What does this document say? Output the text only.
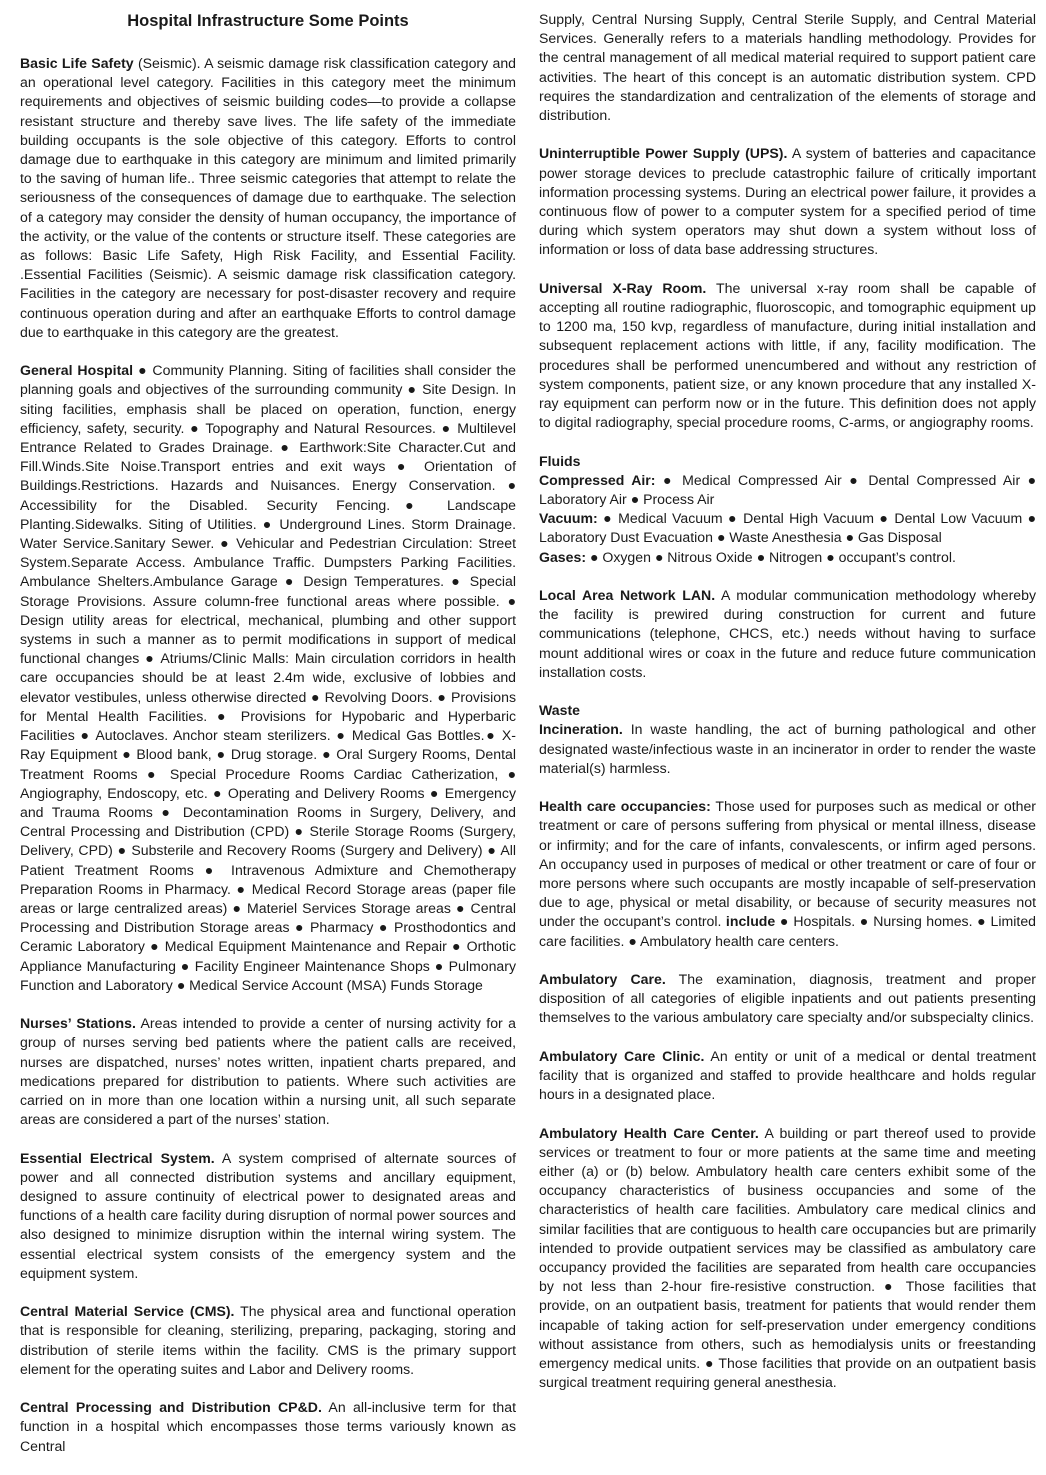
Hospital Infrastructure Some Points

Basic Life Safety (Seismic). A seismic damage risk classification category and an operational level category. Facilities in this category meet the minimum requirements and objectives of seismic building codes—to provide a collapse resistant structure and thereby save lives. The life safety of the immediate building occupants is the sole objective of this category. Efforts to control damage due to earthquake in this category are minimum and limited primarily to the saving of human life.. Three seismic categories that attempt to relate the seriousness of the consequences of damage due to earthquake. The selection of a category may consider the density of human occupancy, the importance of the activity, or the value of the contents or structure itself. These categories are as follows: Basic Life Safety, High Risk Facility, and Essential Facility. .Essential Facilities (Seismic). A seismic damage risk classification category. Facilities in the category are necessary for post-disaster recovery and require continuous operation during and after an earthquake Efforts to control damage due to earthquake in this category are the greatest.

General Hospital ● Community Planning. Siting of facilities shall consider the planning goals and objectives of the surrounding community ● Site Design. In siting facilities, emphasis shall be placed on operation, function, energy efficiency, safety, security. ● Topography and Natural Resources. ● Multilevel Entrance Related to Grades Drainage. ● Earthwork:Site Character.Cut and Fill.Winds.Site Noise.Transport entries and exit ways ● Orientation of Buildings.Restrictions. Hazards and Nuisances. Energy Conservation. ● Accessibility for the Disabled. Security Fencing.● Landscape Planting.Sidewalks. Siting of Utilities. ● Underground Lines. Storm Drainage. Water Service.Sanitary Sewer. ● Vehicular and Pedestrian Circulation: Street System.Separate Access. Ambulance Traffic. Dumpsters Parking Facilities. Ambulance Shelters.Ambulance Garage ● Design Temperatures. ● Special Storage Provisions. Assure column-free functional areas where possible. ● Design utility areas for electrical, mechanical, plumbing and other support systems in such a manner as to permit modifications in support of medical functional changes ● Atriums/Clinic Malls: Main circulation corridors in health care occupancies should be at least 2.4m wide, exclusive of lobbies and elevator vestibules, unless otherwise directed ● Revolving Doors. ● Provisions for Mental Health Facilities. ● Provisions for Hypobaric and Hyperbaric Facilities ● Autoclaves. Anchor steam sterilizers. ● Medical Gas Bottles.● X-Ray Equipment ● Blood bank, ● Drug storage. ● Oral Surgery Rooms, Dental Treatment Rooms ● Special Procedure Rooms Cardiac Catherization, ● Angiography, Endoscopy, etc. ● Operating and Delivery Rooms ● Emergency and Trauma Rooms ● Decontamination Rooms in Surgery, Delivery, and Central Processing and Distribution (CPD) ● Sterile Storage Rooms (Surgery, Delivery, CPD) ● Substerile and Recovery Rooms (Surgery and Delivery) ● All Patient Treatment Rooms ● Intravenous Admixture and Chemotherapy Preparation Rooms in Pharmacy. ● Medical Record Storage areas (paper file areas or large centralized areas) ● Materiel Services Storage areas ● Central Processing and Distribution Storage areas ● Pharmacy ● Prosthodontics and Ceramic Laboratory ● Medical Equipment Maintenance and Repair ● Orthotic Appliance Manufacturing ● Facility Engineer Maintenance Shops ● Pulmonary Function and Laboratory ● Medical Service Account (MSA) Funds Storage

Nurses’ Stations. Areas intended to provide a center of nursing activity for a group of nurses serving bed patients where the patient calls are received, nurses are dispatched, nurses’ notes written, inpatient charts prepared, and medications prepared for distribution to patients. Where such activities are carried on in more than one location within a nursing unit, all such separate areas are considered a part of the nurses’ station.

Essential Electrical System. A system comprised of alternate sources of power and all connected distribution systems and ancillary equipment, designed to assure continuity of electrical power to designated areas and functions of a health care facility during disruption of normal power sources and also designed to minimize disruption within the internal wiring system. The essential electrical system consists of the emergency system and the equipment system.

Central Material Service (CMS). The physical area and functional operation that is responsible for cleaning, sterilizing, preparing, packaging, storing and distribution of sterile items within the facility. CMS is the primary support element for the operating suites and Labor and Delivery rooms.

Central Processing and Distribution CP&D. An all-inclusive term for that function in a hospital which encompasses those terms variously known as Central

Supply, Central Nursing Supply, Central Sterile Supply, and Central Material Services. Generally refers to a materials handling methodology. Provides for the central management of all medical material required to support patient care activities. The heart of this concept is an automatic distribution system. CPD requires the standardization and centralization of the elements of storage and distribution.

Uninterruptible Power Supply (UPS). A system of batteries and capacitance power storage devices to preclude catastrophic failure of critically important information processing systems. During an electrical power failure, it provides a continuous flow of power to a computer system for a specified period of time during which system operators may shut down a system without loss of information or loss of data base addressing structures.

Universal X-Ray Room. The universal x-ray room shall be capable of accepting all routine radiographic, fluoroscopic, and tomographic equipment up to 1200 ma, 150 kvp, regardless of manufacture, during initial installation and subsequent replacement actions with little, if any, facility modification. The procedures shall be performed unencumbered and without any restriction of system components, patient size, or any known procedure that any installed X-ray equipment can perform now or in the future. This definition does not apply to digital radiography, special procedure rooms, C-arms, or angiography rooms.

Fluids
Compressed Air: ● Medical Compressed Air ● Dental Compressed Air ● Laboratory Air ● Process Air
Vacuum: ● Medical Vacuum ● Dental High Vacuum ● Dental Low Vacuum ● Laboratory Dust Evacuation ● Waste Anesthesia ● Gas Disposal
Gases: ● Oxygen ● Nitrous Oxide ● Nitrogen ● occupant’s control.

Local Area Network LAN. A modular communication methodology whereby the facility is prewired during construction for current and future communications (telephone, CHCS, etc.) needs without having to surface mount additional wires or coax in the future and reduce future communication installation costs.

Waste
Incineration. In waste handling, the act of burning pathological and other designated waste/infectious waste in an incinerator in order to render the waste material(s) harmless.

Health care occupancies: Those used for purposes such as medical or other treatment or care of persons suffering from physical or mental illness, disease or infirmity; and for the care of infants, convalescents, or infirm aged persons. An occupancy used in purposes of medical or other treatment or care of four or more persons where such occupants are mostly incapable of self-preservation due to age, physical or metal disability, or because of security measures not under the occupant’s control. include ● Hospitals. ● Nursing homes. ● Limited care facilities. ● Ambulatory health care centers.

Ambulatory Care. The examination, diagnosis, treatment and proper disposition of all categories of eligible inpatients and out patients presenting themselves to the various ambulatory care specialty and/or subspecialty clinics.

Ambulatory Care Clinic. An entity or unit of a medical or dental treatment facility that is organized and staffed to provide healthcare and holds regular hours in a designated place.

Ambulatory Health Care Center. A building or part thereof used to provide services or treatment to four or more patients at the same time and meeting either (a) or (b) below. Ambulatory health care centers exhibit some of the occupancy characteristics of business occupancies and some of the characteristics of health care facilities. Ambulatory care medical clinics and similar facilities that are contiguous to health care occupancies but are primarily intended to provide outpatient services may be classified as ambulatory care occupancy provided the facilities are separated from health care occupancies by not less than 2-hour fire-resistive construction. ● Those facilities that provide, on an outpatient basis, treatment for patients that would render them incapable of taking action for self-preservation under emergency conditions without assistance from others, such as hemodialysis units or freestanding emergency medical units. ● Those facilities that provide on an outpatient basis surgical treatment requiring general anesthesia.
